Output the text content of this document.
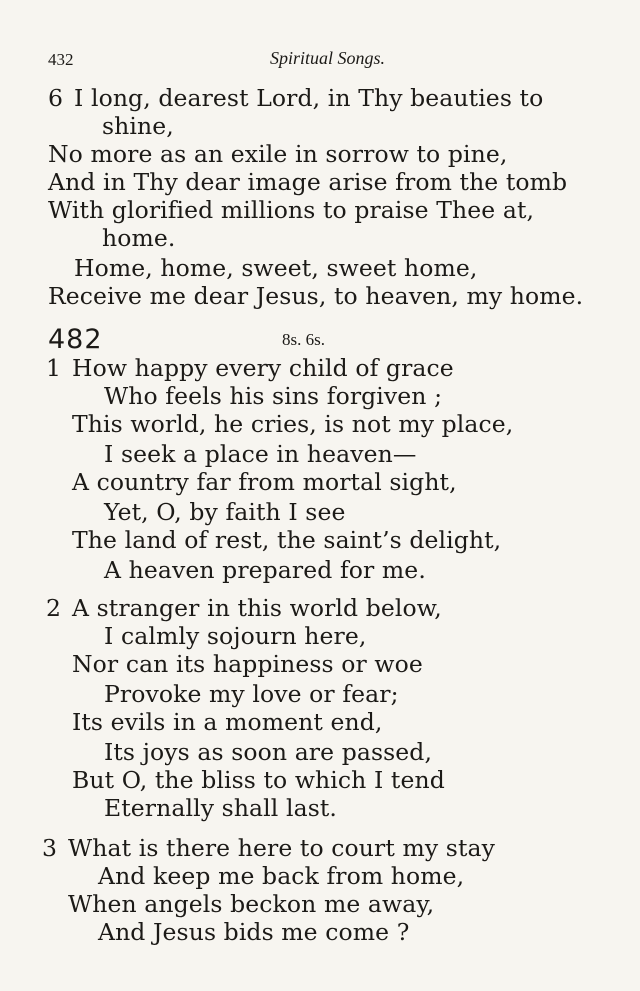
432	Spiritual Songs.
6 I long, dearest Lord, in Thy beauties to
shine,
No more as an exile in sorrow to pine,
And in Thy dear image arise from the tomb
With glorified millions to praise Thee at,
home.
Home, home, sweet, sweet home,
Receive me dear Jesus, to heaven, my home.
482	8s. 6s.
1 How happy every child of grace
Who feels his sins forgiven ;
This world, he cries, is not my place,
I seek a place in heaven—
A country far from mortal sight,
Yet, O, by faith I see
The land of rest, the saint’s delight,
A heaven prepared for me.
2 A stranger in this world below,
I calmly sojourn here,
Nor can its happiness or woe
Provoke my love or fear;
Its evils in a moment end,
Its joys as soon are passed,
But O, the bliss to which I tend
Eternally shall last.
3 What is there here to court my stay
And keep me back from home,
When angels beckon me away,
And Jesus bids me come ?
